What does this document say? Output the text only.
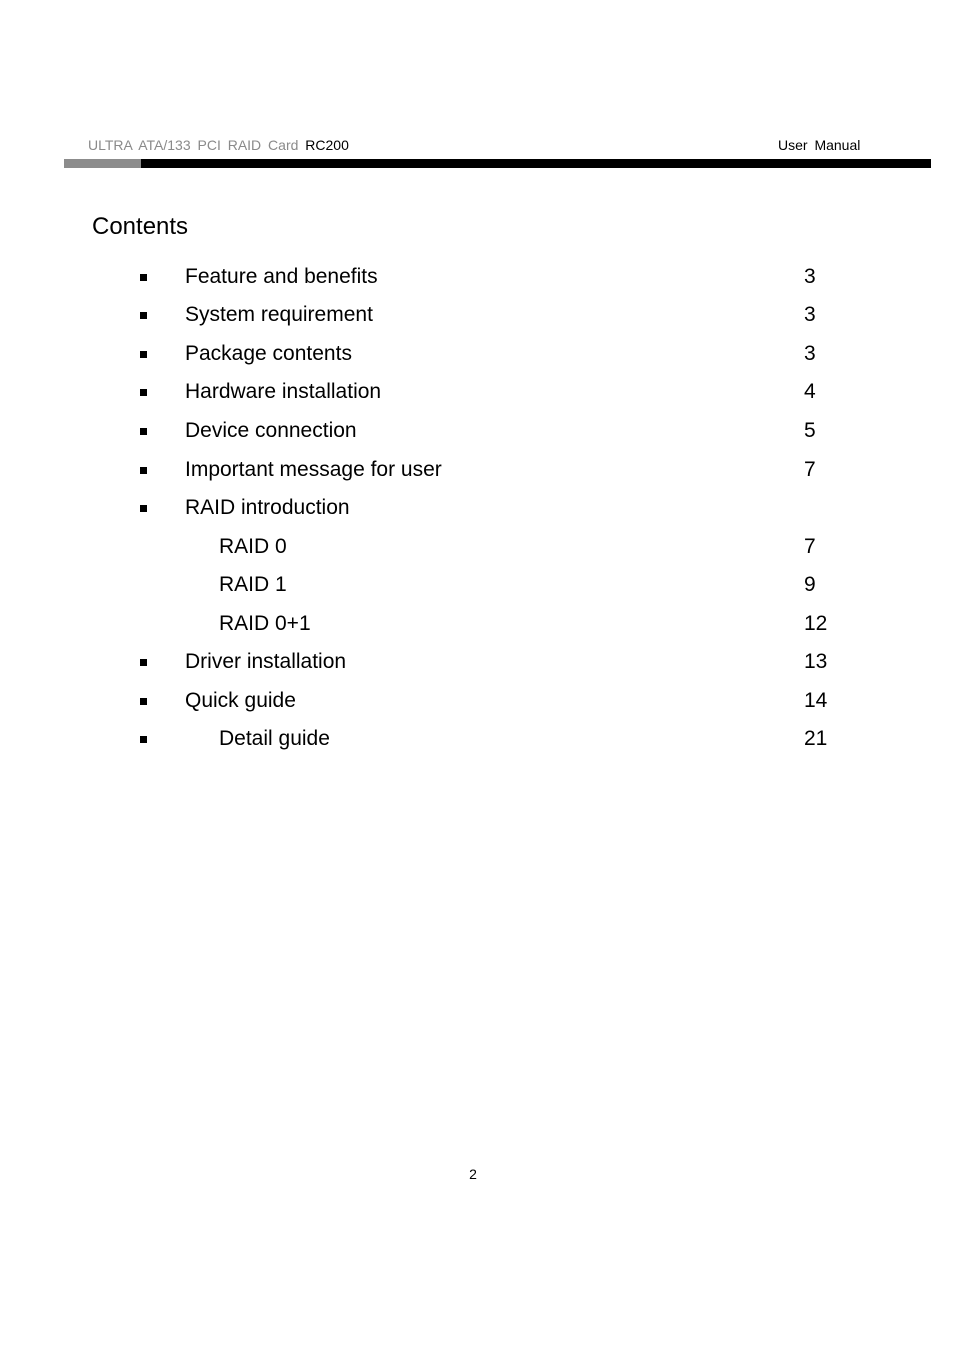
ULTRA ATA/133 PCI RAID Card RC200	User Manual
Contents
Feature and benefits	3
System requirement	3
Package contents	3
Hardware installation	4
Device connection	5
Important message for user	7
RAID introduction
RAID 0	7
RAID 1	9
RAID 0+1	12
Driver installation	13
Quick guide	14
Detail guide	21
2
